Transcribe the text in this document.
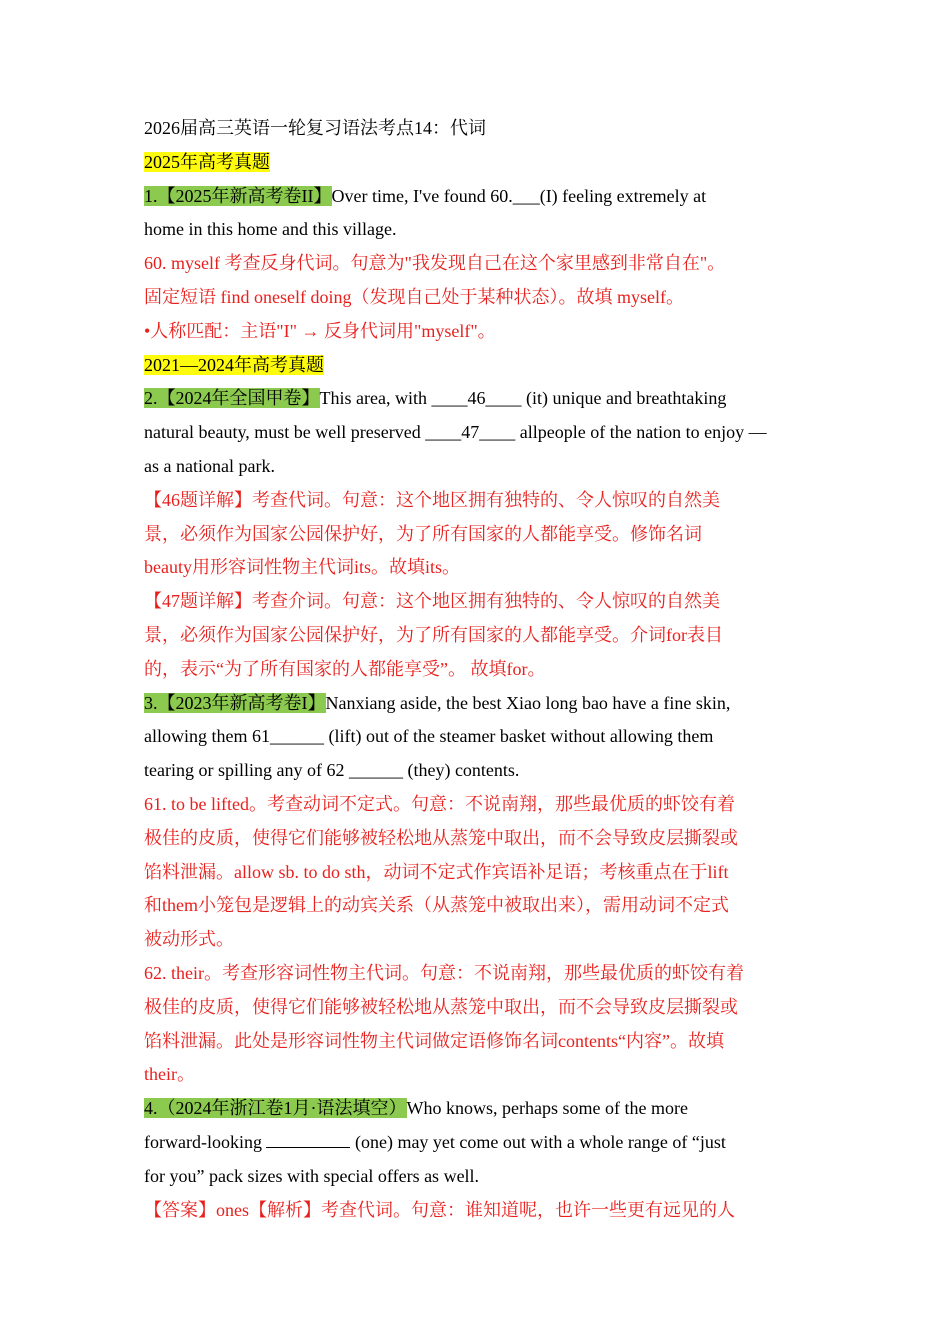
2026届高三英语一轮复习语法考点14：代词
2025年高考真题
1.【2025年新高考卷II】Over time, I've found 60.___(I) feeling extremely at
home in this home and this village.
60. myself 考查反身代词。句意为"我发现自己在这个家里感到非常自在"。
固定短语 find oneself doing（发现自己处于某种状态）。故填 myself。
•人称匹配：主语"I" → 反身代词用"myself"。
2021—2024年高考真题
2.【2024年全国甲卷】This area, with ____46____ (it) unique and breathtaking
natural beauty, must be well preserved ____47____ allpeople of the nation to enjoy —
as a national park.
【46题详解】考查代词。句意：这个地区拥有独特的、令人惊叹的自然美
景，必须作为国家公园保护好，为了所有国家的人都能享受。修饰名词
beauty用形容词性物主代词its。故填its。
【47题详解】考查介词。句意：这个地区拥有独特的、令人惊叹的自然美
景，必须作为国家公园保护好，为了所有国家的人都能享受。介词for表目
的，表示“为了所有国家的人都能享受”。 故填for。
3.【2023年新高考卷I】Nanxiang aside, the best Xiao long bao have a fine skin,
allowing them 61______ (lift) out of the steamer basket without allowing them
tearing or spilling any of 62 ______ (they) contents.
61. to be lifted。考查动词不定式。句意：不说南翔，那些最优质的虾饺有着
极佳的皮质，使得它们能够被轻松地从蒸笼中取出，而不会导致皮层撕裂或
馅料泄漏。allow sb. to do sth，动词不定式作宾语补足语；考核重点在于lift
和them小笼包是逻辑上的动宾关系（从蒸笼中被取出来），需用动词不定式
被动形式。
62. their。考查形容词性物主代词。句意：不说南翔，那些最优质的虾饺有着
极佳的皮质，使得它们能够被轻松地从蒸笼中取出，而不会导致皮层撕裂或
馅料泄漏。此处是形容词性物主代词做定语修饰名词contents“内容”。故填
their。
4.（2024年浙江卷1月·语法填空）Who knows, perhaps some of the more
forward-looking	(one) may yet come out with a whole range of “just
for you” pack sizes with special offers as well.
【答案】ones【解析】考查代词。句意：谁知道呢，也许一些更有远见的人
